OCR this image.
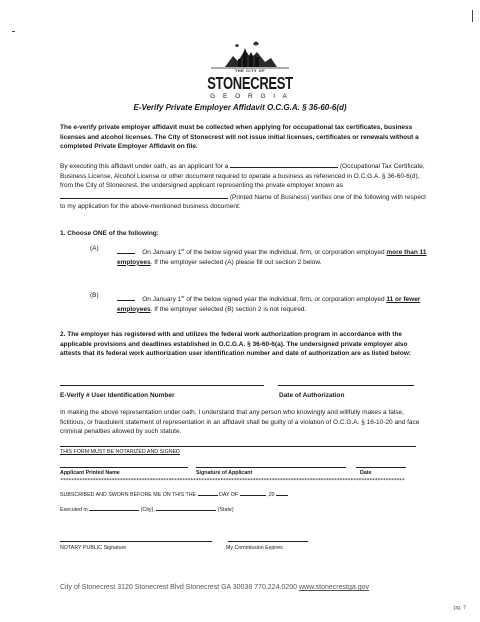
THE CITY OF
STONECREST
G E O R G I A
E-Verify Private Employer Affidavit O.C.G.A. § 36-60-6(d)
The e-verify private employer affidavit must be collected when applying for occupational tax certificates, business licenses and alcohol licenses. The City of Stonecrest will not issue initial licenses, certificates or renewals without a completed Private Employer Affidavit on file.
By executing this affidavit under oath, as an applicant for a	(Occupational Tax Certificate, Business License, Alcohol License or other document required to operate a business as referenced in O.C.G.A. § 36-60-6(d), from the City of Stonecrest, the undersigned applicant representing the private employer known as  (Printed Name of Business) verifies one of the following with respect to my application for the above-mentioned business document:
1. Choose ONE of the following:
(A)
On January 1st of the below signed year the individual, firm, or corporation employed more than 11 employees. If the employer selected (A) please fill out section 2 below.
(B)
On January 1st of the below signed year the individual, firm, or corporation employed 11 or fewer employees. If the employer selected (B) section 2 is not required.
2. The employer has registered with and utilizes the federal work authorization program in accordance with the applicable provisions and deadlines established in O.C.G.A. § 36-60-6(a). The undersigned private employer also attests that its federal work authorization user identification number and date of authorization are as listed below:
E-Verify # User Identification Number	Date of Authorization
In making the above representation under oath, I understand that any person who knowingly and willfully makes a false, fictitious, or fraudulent statement of representation in an affidavit shall be guilty of a violation of O.C.G.A. § 16-10-20 and face criminal penalties allowed by such statute.
THIS FORM MUST BE NOTARIZED AND SIGNED
Applicant Printed Name	Signature of Applicant	Date
*******************************************************************************************************************************
SUBSCRIBED AND SWORN BEFORE ME ON THIS THE	DAY OF	,20
Executed in	(City),	(State)
NOTARY PUBLIC Signature	My Commission Expires
City of Stonecrest 3120 Stonecrest Blvd Stonecrest GA 30038 770.224.0200 www.stonecrestga.gov
pg. 7
